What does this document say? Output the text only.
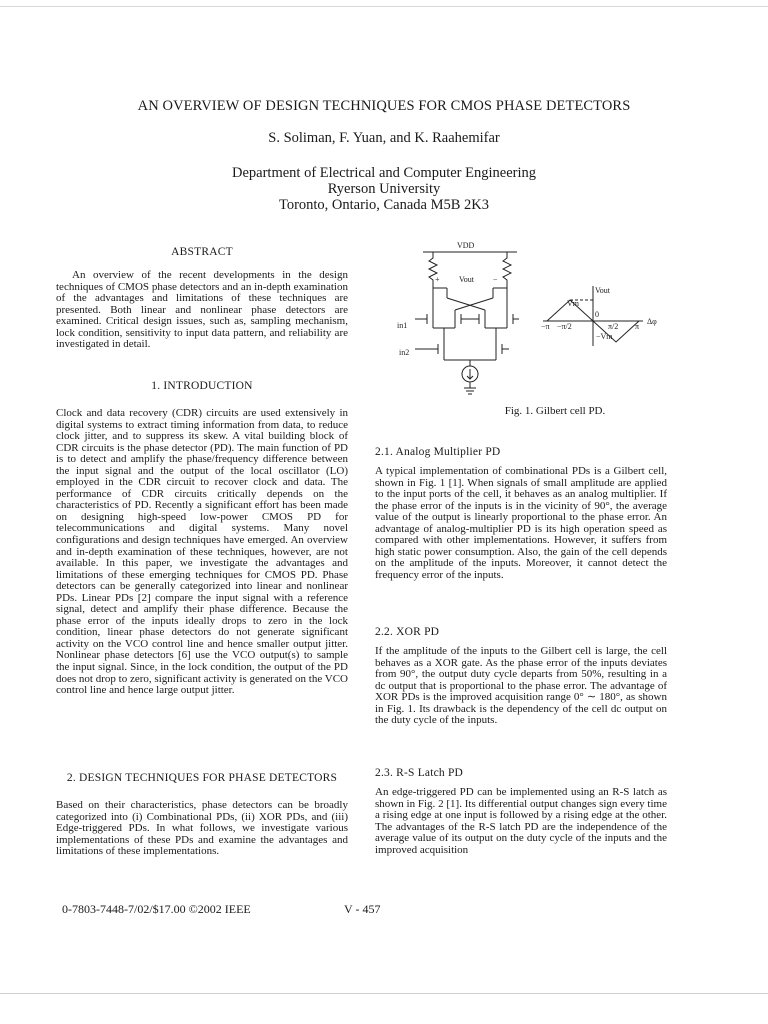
AN OVERVIEW OF DESIGN TECHNIQUES FOR CMOS PHASE DETECTORS
S. Soliman, F. Yuan, and K. Raahemifar
Department of Electrical and Computer Engineering
Ryerson University
Toronto, Ontario, Canada M5B 2K3
ABSTRACT
An overview of the recent developments in the design techniques of CMOS phase detectors and an in-depth examination of the advantages and limitations of these techniques are presented. Both linear and nonlinear phase detectors are examined. Critical design issues, such as, sampling mechanism, lock condition, sensitivity to input data pattern, and reliability are investigated in detail.
1. INTRODUCTION
Clock and data recovery (CDR) circuits are used extensively in digital systems to extract timing information from data, to reduce clock jitter, and to suppress its skew. A vital building block of CDR circuits is the phase detector (PD). The main function of PD is to detect and amplify the phase/frequency difference between the input signal and the output of the local oscillator (LO) employed in the CDR circuit to recover clock and data. The performance of CDR circuits critically depends on the characteristics of PD. Recently a significant effort has been made on designing high-speed low-power CMOS PD for telecommunications and digital systems. Many novel configurations and design techniques have emerged. An overview and in-depth examination of these techniques, however, are not available. In this paper, we investigate the advantages and limitations of these emerging techniques for CMOS PD. Phase detectors can be generally categorized into linear and nonlinear PDs. Linear PDs [2] compare the input signal with a reference signal, detect and amplify their phase difference. Because the phase error of the inputs ideally drops to zero in the lock condition, linear phase detectors do not generate significant activity on the VCO control line and hence smaller output jitter. Nonlinear phase detectors [6] use the VCO output(s) to sample the input signal. Since, in the lock condition, the output of the PD does not drop to zero, significant activity is generated on the VCO control line and hence large output jitter.
2. DESIGN TECHNIQUES FOR PHASE DETECTORS
Based on their characteristics, phase detectors can be broadly categorized into (i) Combinational PDs, (ii) XOR PDs, and (iii) Edge-triggered PDs. In what follows, we investigate various implementations of these PDs and examine the advantages and limitations of these implementations.
VDD
+ Vout −
in1
in2
Vout
Vm
0
−Vm
−π −π/2	π/2 π
Δφ
Fig. 1. Gilbert cell PD.
2.1. Analog Multiplier PD
A typical implementation of combinational PDs is a Gilbert cell, shown in Fig. 1 [1]. When signals of small amplitude are applied to the input ports of the cell, it behaves as an analog multiplier. If the phase error of the inputs is in the vicinity of 90°, the average value of the output is linearly proportional to the phase error. An advantage of analog-multiplier PD is its high operation speed as compared with other implementations. However, it suffers from high static power consumption. Also, the gain of the cell depends on the amplitude of the inputs. Moreover, it cannot detect the frequency error of the inputs.
2.2. XOR PD
If the amplitude of the inputs to the Gilbert cell is large, the cell behaves as a XOR gate. As the phase error of the inputs deviates from 90°, the output duty cycle departs from 50%, resulting in a dc output that is proportional to the phase error. The advantage of XOR PDs is the improved acquisition range 0° ∼ 180°, as shown in Fig. 1. Its drawback is the dependency of the cell dc output on the duty cycle of the inputs.
2.3. R-S Latch PD
An edge-triggered PD can be implemented using an R-S latch as shown in Fig. 2 [1]. Its differential output changes sign every time a rising edge at one input is followed by a rising edge at the other. The advantages of the R-S latch PD are the independence of the average value of its output on the duty cycle of the inputs and the improved acquisition
0-7803-7448-7/02/$17.00 ©2002 IEEE	V - 457
